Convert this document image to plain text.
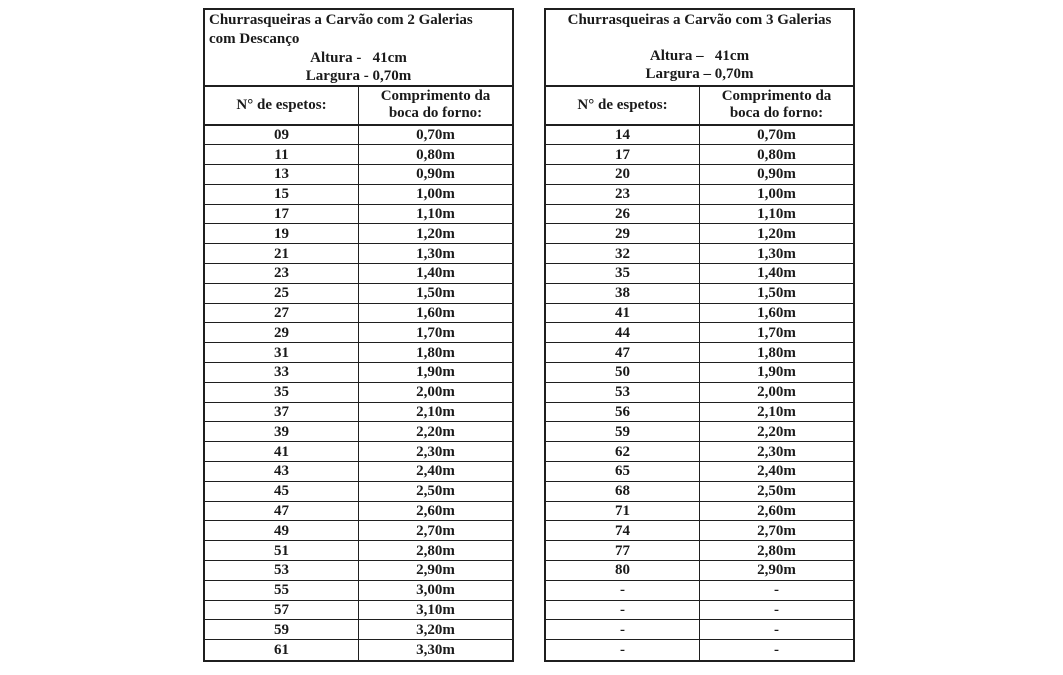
Churrasqueiras a Carvão com 2 Galerias
com Descanço
Altura -   41cm
Largura - 0,70m
N° de espetos:	Comprimento da boca do forno:
09	0,70m
11	0,80m
13	0,90m
15	1,00m
17	1,10m
19	1,20m
21	1,30m
23	1,40m
25	1,50m
27	1,60m
29	1,70m
31	1,80m
33	1,90m
35	2,00m
37	2,10m
39	2,20m
41	2,30m
43	2,40m
45	2,50m
47	2,60m
49	2,70m
51	2,80m
53	2,90m
55	3,00m
57	3,10m
59	3,20m
61	3,30m
Churrasqueiras a Carvão com 3 Galerias
Altura –   41cm
Largura – 0,70m
N° de espetos:	Comprimento da boca do forno:
14	0,70m
17	0,80m
20	0,90m
23	1,00m
26	1,10m
29	1,20m
32	1,30m
35	1,40m
38	1,50m
41	1,60m
44	1,70m
47	1,80m
50	1,90m
53	2,00m
56	2,10m
59	2,20m
62	2,30m
65	2,40m
68	2,50m
71	2,60m
74	2,70m
77	2,80m
80	2,90m
-	-
-	-
-	-
-	-
